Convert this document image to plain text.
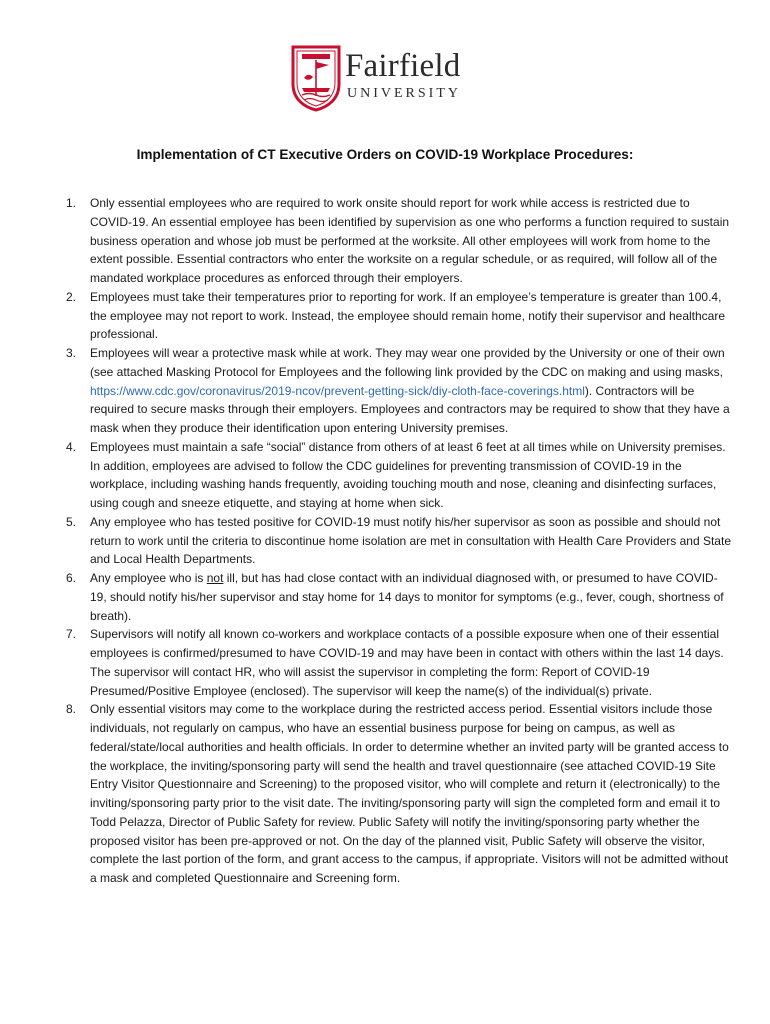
Fairfield
UNIVERSITY
Implementation of CT Executive Orders on COVID-19 Workplace Procedures:
1. Only essential employees who are required to work onsite should report for work while access is restricted due to COVID-19. An essential employee has been identified by supervision as one who performs a function required to sustain business operation and whose job must be performed at the worksite. All other employees will work from home to the extent possible. Essential contractors who enter the worksite on a regular schedule, or as required, will follow all of the mandated workplace procedures as enforced through their employers.
2. Employees must take their temperatures prior to reporting for work. If an employee’s temperature is greater than 100.4, the employee may not report to work. Instead, the employee should remain home, notify their supervisor and healthcare professional.
3. Employees will wear a protective mask while at work. They may wear one provided by the University or one of their own (see attached Masking Protocol for Employees and the following link provided by the CDC on making and using masks, https://www.cdc.gov/coronavirus/2019-ncov/prevent-getting-sick/diy-cloth-face-coverings.html). Contractors will be required to secure masks through their employers. Employees and contractors may be required to show that they have a mask when they produce their identification upon entering University premises.
4. Employees must maintain a safe “social” distance from others of at least 6 feet at all times while on University premises. In addition, employees are advised to follow the CDC guidelines for preventing transmission of COVID-19 in the workplace, including washing hands frequently, avoiding touching mouth and nose, cleaning and disinfecting surfaces, using cough and sneeze etiquette, and staying at home when sick.
5. Any employee who has tested positive for COVID-19 must notify his/her supervisor as soon as possible and should not return to work until the criteria to discontinue home isolation are met in consultation with Health Care Providers and State and Local Health Departments.
6. Any employee who is not ill, but has had close contact with an individual diagnosed with, or presumed to have COVID-19, should notify his/her supervisor and stay home for 14 days to monitor for symptoms (e.g., fever, cough, shortness of breath).
7. Supervisors will notify all known co-workers and workplace contacts of a possible exposure when one of their essential employees is confirmed/presumed to have COVID-19 and may have been in contact with others within the last 14 days. The supervisor will contact HR, who will assist the supervisor in completing the form: Report of COVID-19 Presumed/Positive Employee (enclosed). The supervisor will keep the name(s) of the individual(s) private.
8. Only essential visitors may come to the workplace during the restricted access period. Essential visitors include those individuals, not regularly on campus, who have an essential business purpose for being on campus, as well as federal/state/local authorities and health officials. In order to determine whether an invited party will be granted access to the workplace, the inviting/sponsoring party will send the health and travel questionnaire (see attached COVID-19 Site Entry Visitor Questionnaire and Screening) to the proposed visitor, who will complete and return it (electronically) to the inviting/sponsoring party prior to the visit date. The inviting/sponsoring party will sign the completed form and email it to Todd Pelazza, Director of Public Safety for review. Public Safety will notify the inviting/sponsoring party whether the proposed visitor has been pre-approved or not. On the day of the planned visit, Public Safety will observe the visitor, complete the last portion of the form, and grant access to the campus, if appropriate. Visitors will not be admitted without a mask and completed Questionnaire and Screening form.
